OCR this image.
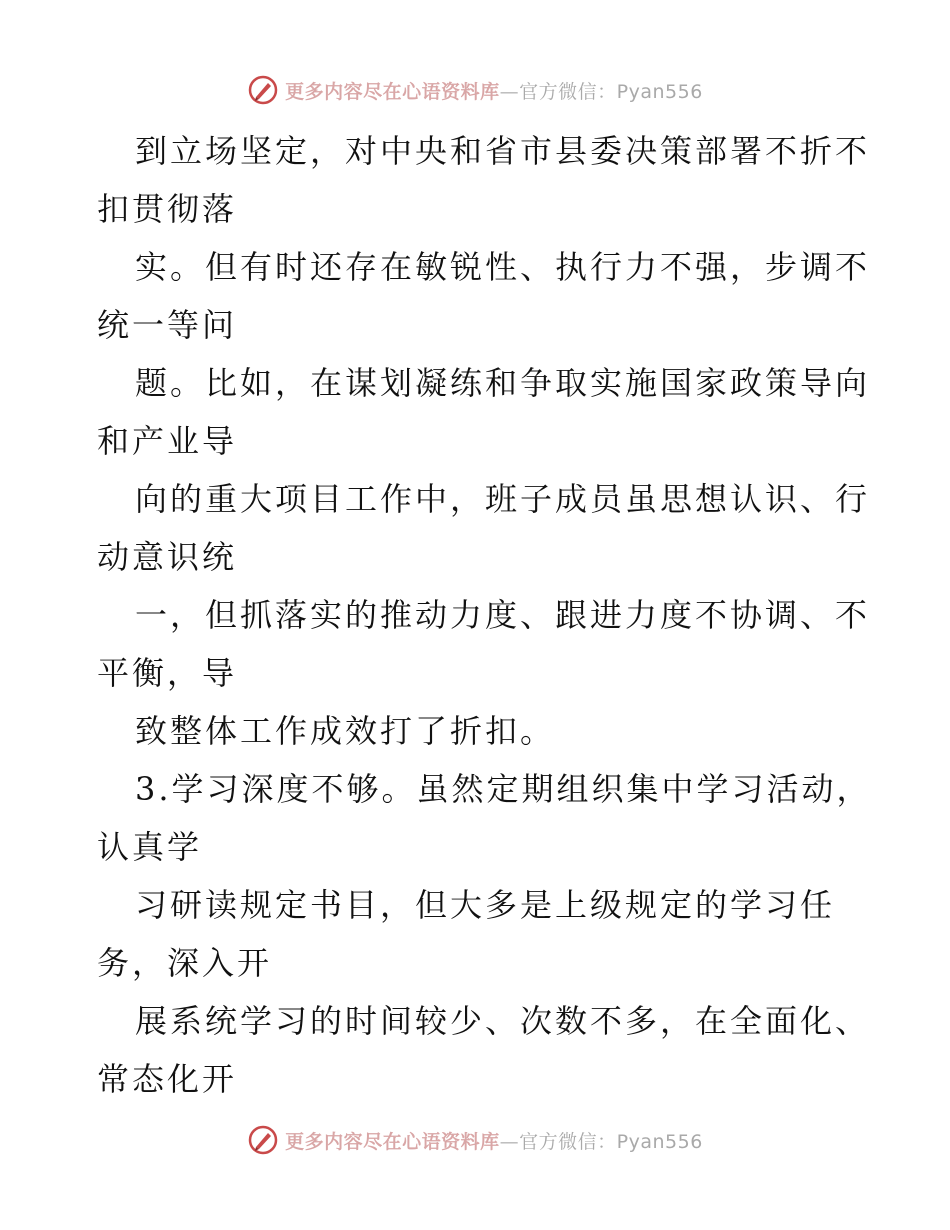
更多内容尽在心语资料库—官方微信：Pyan556
到立场坚定，对中央和省市县委决策部署不折不
扣贯彻落
实。但有时还存在敏锐性、执行力不强，步调不
统一等问
题。比如，在谋划凝练和争取实施国家政策导向
和产业导
向的重大项目工作中，班子成员虽思想认识、行
动意识统
一，但抓落实的推动力度、跟进力度不协调、不
平衡，导
致整体工作成效打了折扣。
3.学习深度不够。虽然定期组织集中学习活动，
认真学
习研读规定书目，但大多是上级规定的学习任
务，深入开
展系统学习的时间较少、次数不多，在全面化、
常态化开
更多内容尽在心语资料库—官方微信：Pyan556
